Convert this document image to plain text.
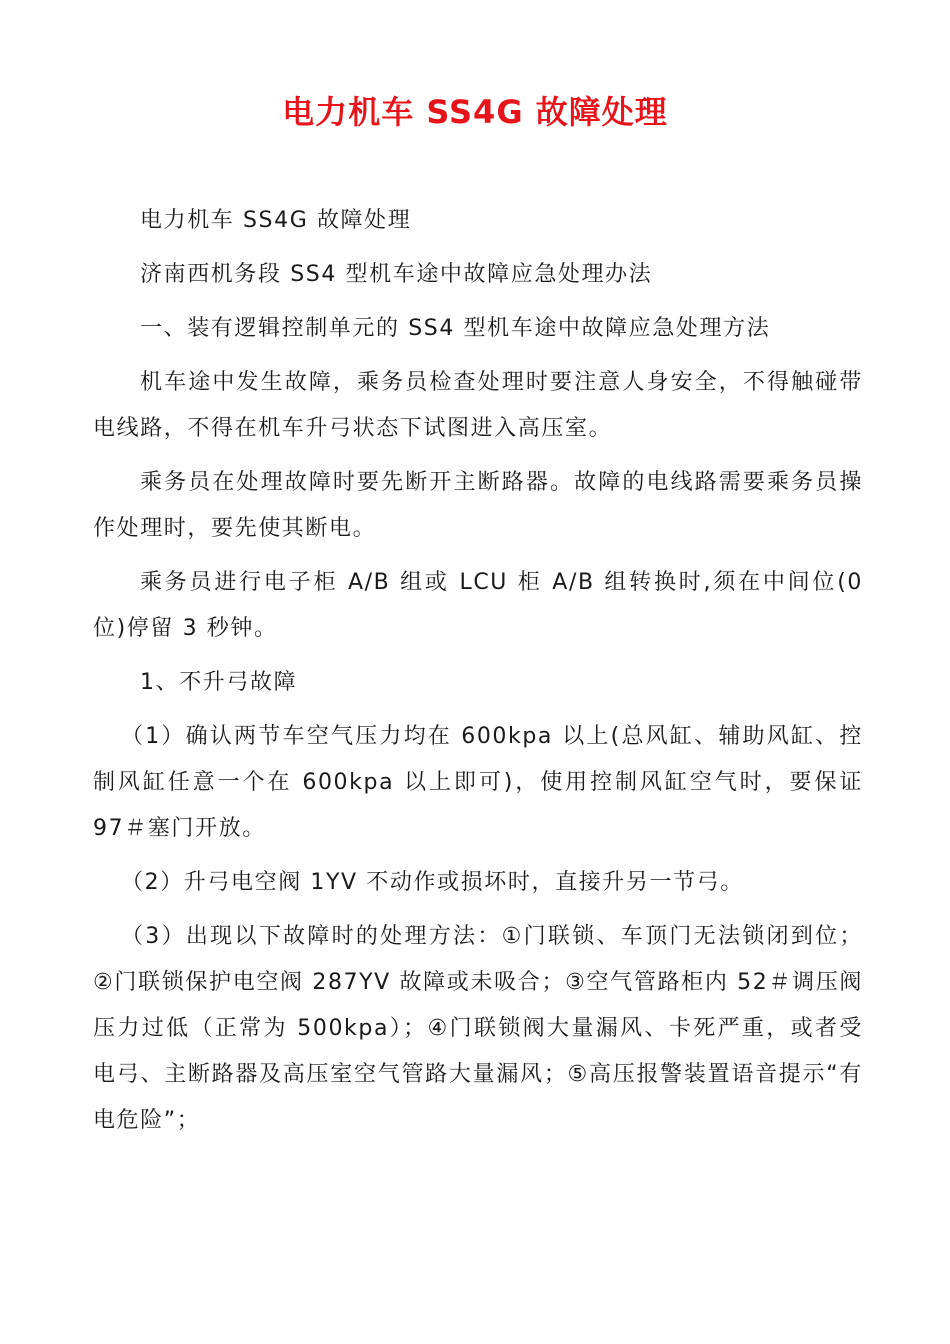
电力机车 SS4G 故障处理

电力机车 SS4G 故障处理

济南西机务段 SS4 型机车途中故障应急处理办法

一、装有逻辑控制单元的 SS4 型机车途中故障应急处理方法

机车途中发生故障，乘务员检查处理时要注意人身安全，不得触碰带电线路，不得在机车升弓状态下试图进入高压室。

乘务员在处理故障时要先断开主断路器。故障的电线路需要乘务员操作处理时，要先使其断电。

乘务员进行电子柜 A/B 组或 LCU 柜 A/B 组转换时,须在中间位(0 位)停留 3 秒钟。

1、不升弓故障

（1）确认两节车空气压力均在 600kpa 以上(总风缸、辅助风缸、控制风缸任意一个在 600kpa 以上即可)，使用控制风缸空气时，要保证 97＃塞门开放。

（2）升弓电空阀 1YV 不动作或损坏时，直接升另一节弓。

（3）出现以下故障时的处理方法：①门联锁、车顶门无法锁闭到位；②门联锁保护电空阀 287YV 故障或未吸合；③空气管路柜内 52＃调压阀压力过低（正常为 500kpa）；④门联锁阀大量漏风、卡死严重，或者受电弓、主断路器及高压室空气管路大量漏风；⑤高压报警装置语音提示“有电危险”；
